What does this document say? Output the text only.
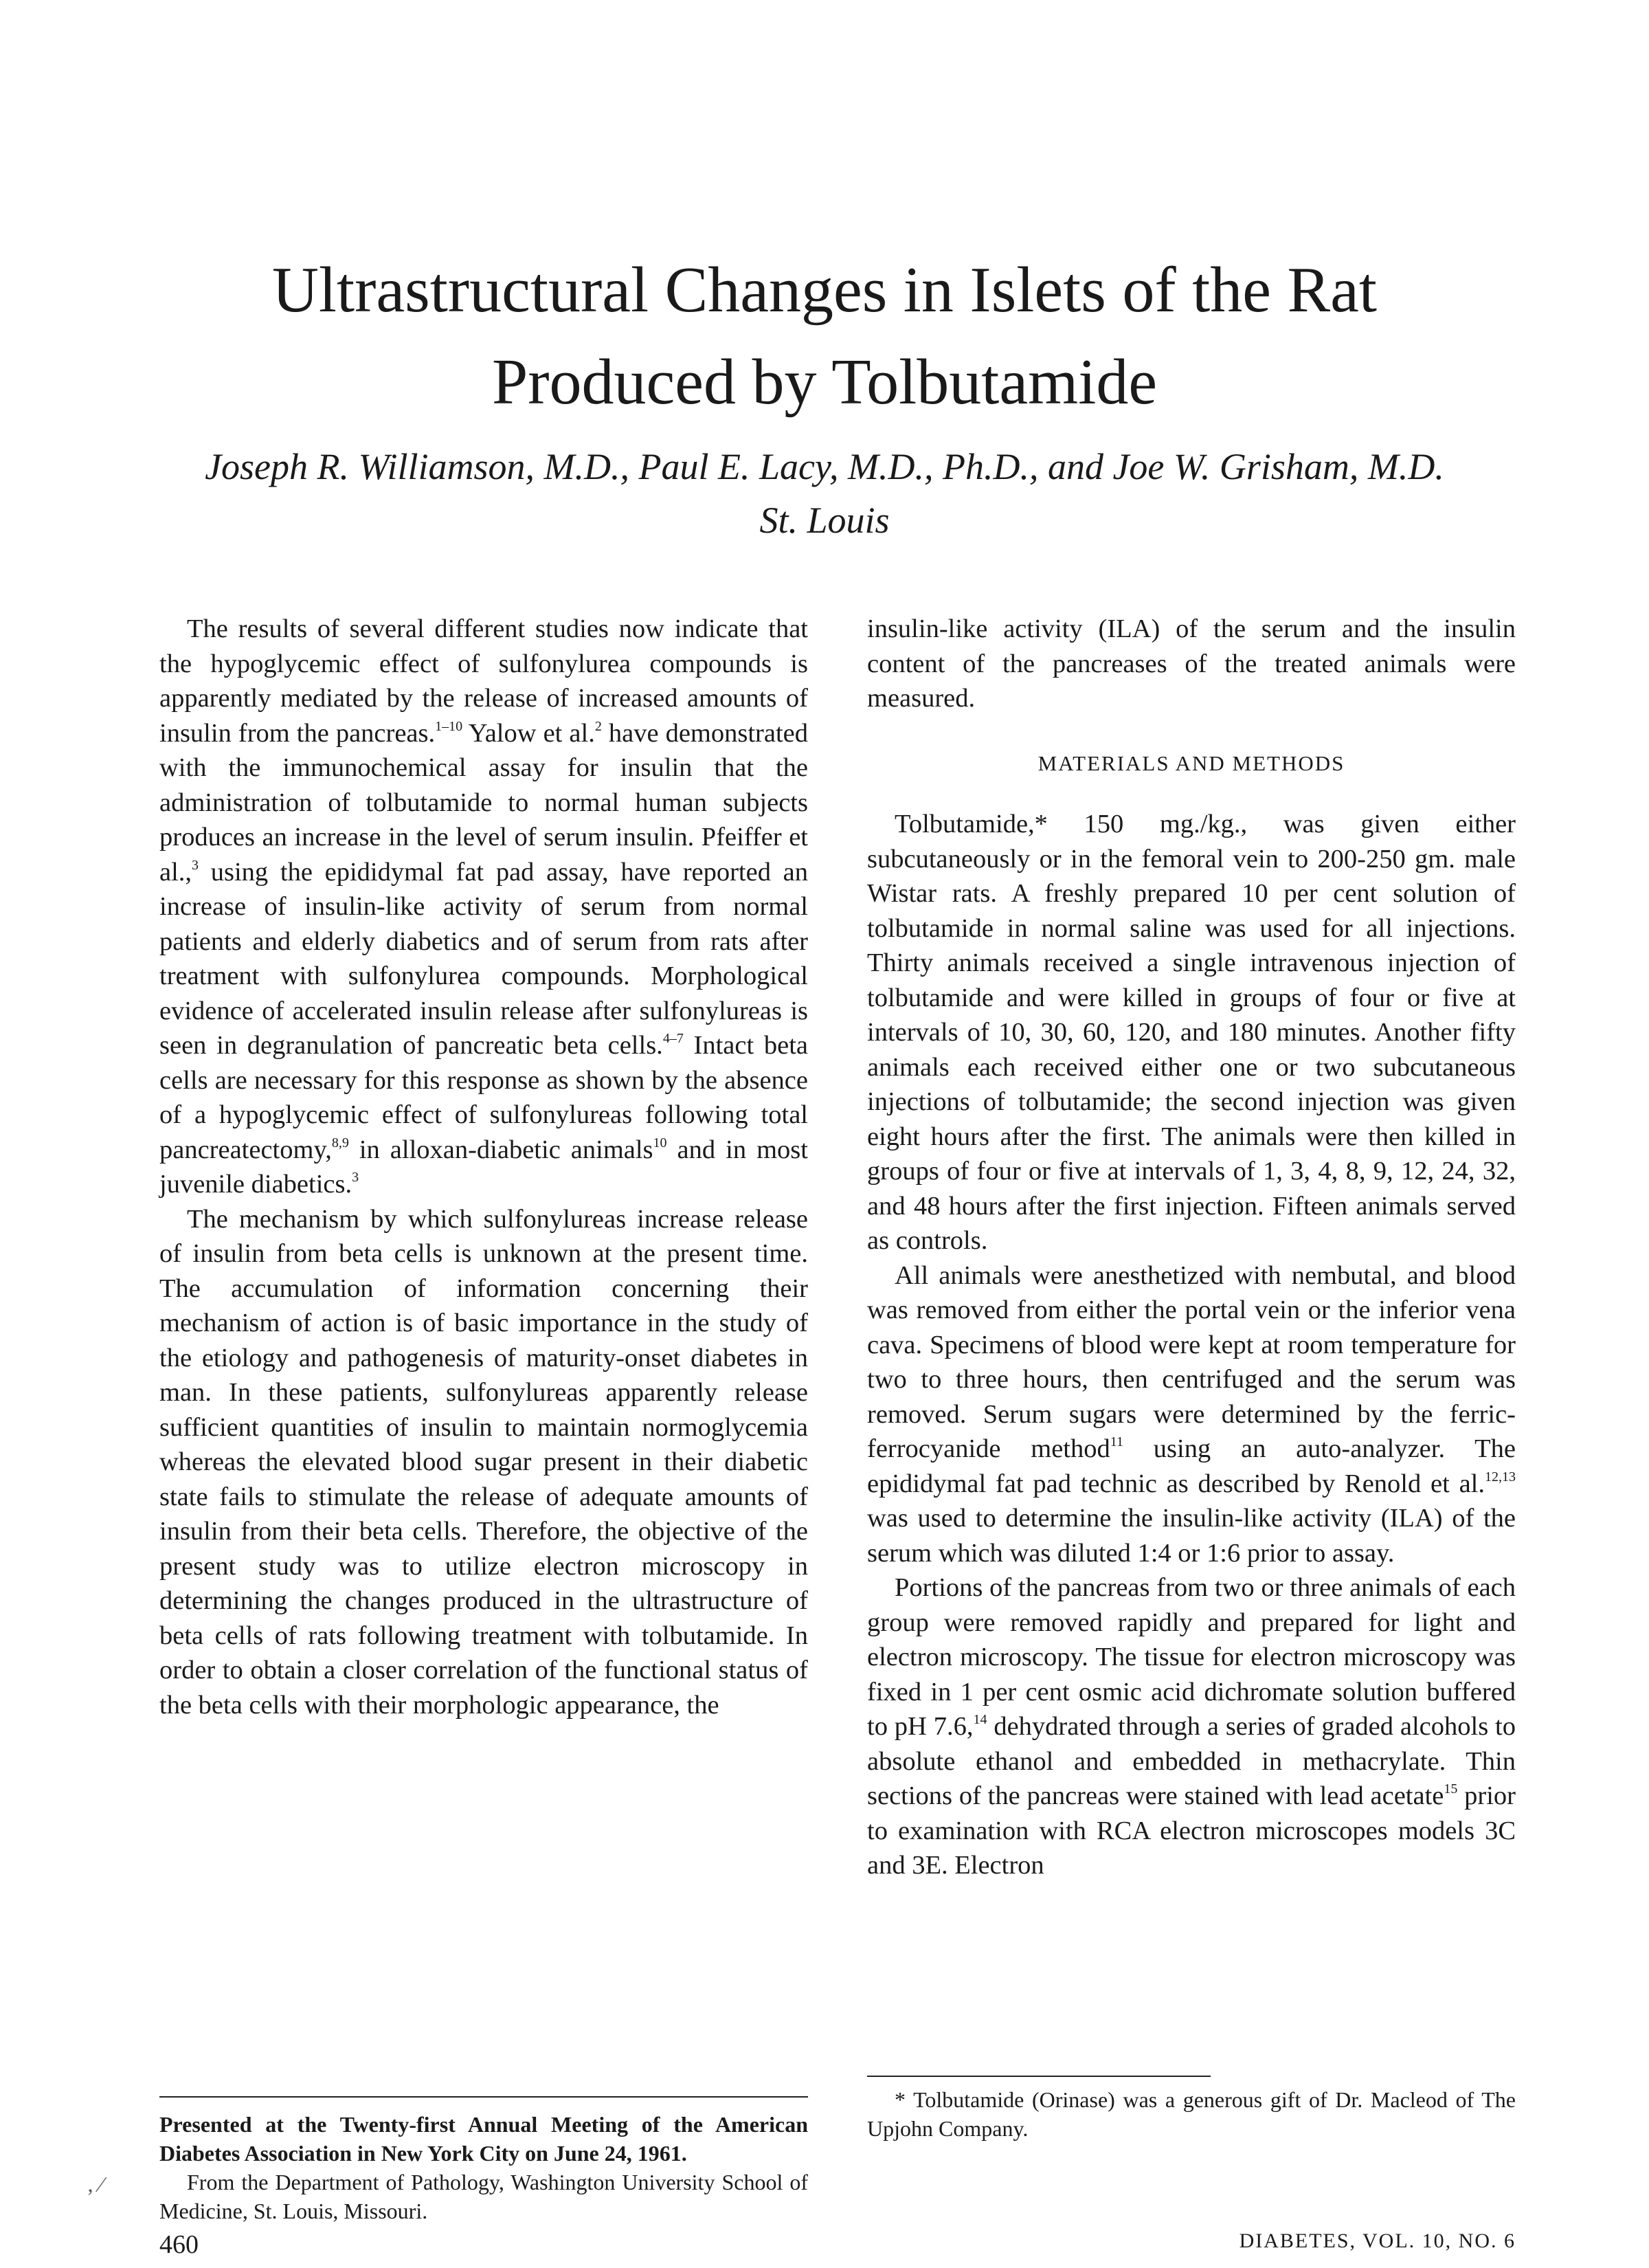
Ultrastructural Changes in Islets of the Rat
Produced by Tolbutamide
Joseph R. Williamson, M.D., Paul E. Lacy, M.D., Ph.D., and Joe W. Grisham, M.D.
St. Louis

The results of several different studies now indicate that the hypoglycemic effect of sulfonylurea compounds is apparently mediated by the release of increased amounts of insulin from the pancreas.$^{1-10}$ Yalow et al.$^2$ have demonstrated with the immunochemical assay for insulin that the administration of tolbutamide to normal human subjects produces an increase in the level of serum insulin. Pfeiffer et al.,$^3$ using the epididymal fat pad assay, have reported an increase of insulin-like activity of serum from normal patients and elderly diabetics and of serum from rats after treatment with sulfonylurea compounds. Morphological evidence of accelerated insulin release after sulfonylureas is seen in degranulation of pancreatic beta cells.$^{4-7}$ Intact beta cells are necessary for this response as shown by the absence of a hypoglycemic effect of sulfonylureas following total pancreatectomy,$^{8,9}$ in alloxan-diabetic animals$^{10}$ and in most juvenile diabetics.$^3$

The mechanism by which sulfonylureas increase release of insulin from beta cells is unknown at the present time. The accumulation of information concerning their mechanism of action is of basic importance in the study of the etiology and pathogenesis of maturity-onset diabetes in man. In these patients, sulfonylureas apparently release sufficient quantities of insulin to maintain normoglycemia whereas the elevated blood sugar present in their diabetic state fails to stimulate the release of adequate amounts of insulin from their beta cells. Therefore, the objective of the present study was to utilize electron microscopy in determining the changes produced in the ultrastructure of beta cells of rats following treatment with tolbutamide. In order to obtain a closer correlation of the functional status of the beta cells with their morphologic appearance, the

insulin-like activity (ILA) of the serum and the insulin content of the pancreases of the treated animals were measured.

MATERIALS AND METHODS

Tolbutamide,* 150 mg./kg., was given either subcutaneously or in the femoral vein to 200-250 gm. male Wistar rats. A freshly prepared 10 per cent solution of tolbutamide in normal saline was used for all injections. Thirty animals received a single intravenous injection of tolbutamide and were killed in groups of four or five at intervals of 10, 30, 60, 120, and 180 minutes. Another fifty animals each received either one or two subcutaneous injections of tolbutamide; the second injection was given eight hours after the first. The animals were then killed in groups of four or five at intervals of 1, 3, 4, 8, 9, 12, 24, 32, and 48 hours after the first injection. Fifteen animals served as controls.

All animals were anesthetized with nembutal, and blood was removed from either the portal vein or the inferior vena cava. Specimens of blood were kept at room temperature for two to three hours, then centrifuged and the serum was removed. Serum sugars were determined by the ferric-ferrocyanide method$^{11}$ using an auto-analyzer. The epididymal fat pad technic as described by Renold et al.$^{12,13}$ was used to determine the insulin-like activity (ILA) of the serum which was diluted 1:4 or 1:6 prior to assay.

Portions of the pancreas from two or three animals of each group were removed rapidly and prepared for light and electron microscopy. The tissue for electron microscopy was fixed in 1 per cent osmic acid dichromate solution buffered to pH 7.6,14 dehydrated through a series of graded alcohols to absolute ethanol and embedded in methacrylate. Thin sections of the pancreas were stained with lead acetate$^{15}$ prior to examination with RCA electron microscopes models 3C and 3E. Electron

Presented at the Twenty-first Annual Meeting of the American Diabetes Association in New York City on June 24, 1961.

From the Department of Pathology, Washington University School of Medicine, St. Louis, Missouri.

* Tolbutamide (Orinase) was a generous gift of Dr. Macleod of The Upjohn Company.

‚ ⁄
460	DIABETES, VOL. 10, NO. 6
